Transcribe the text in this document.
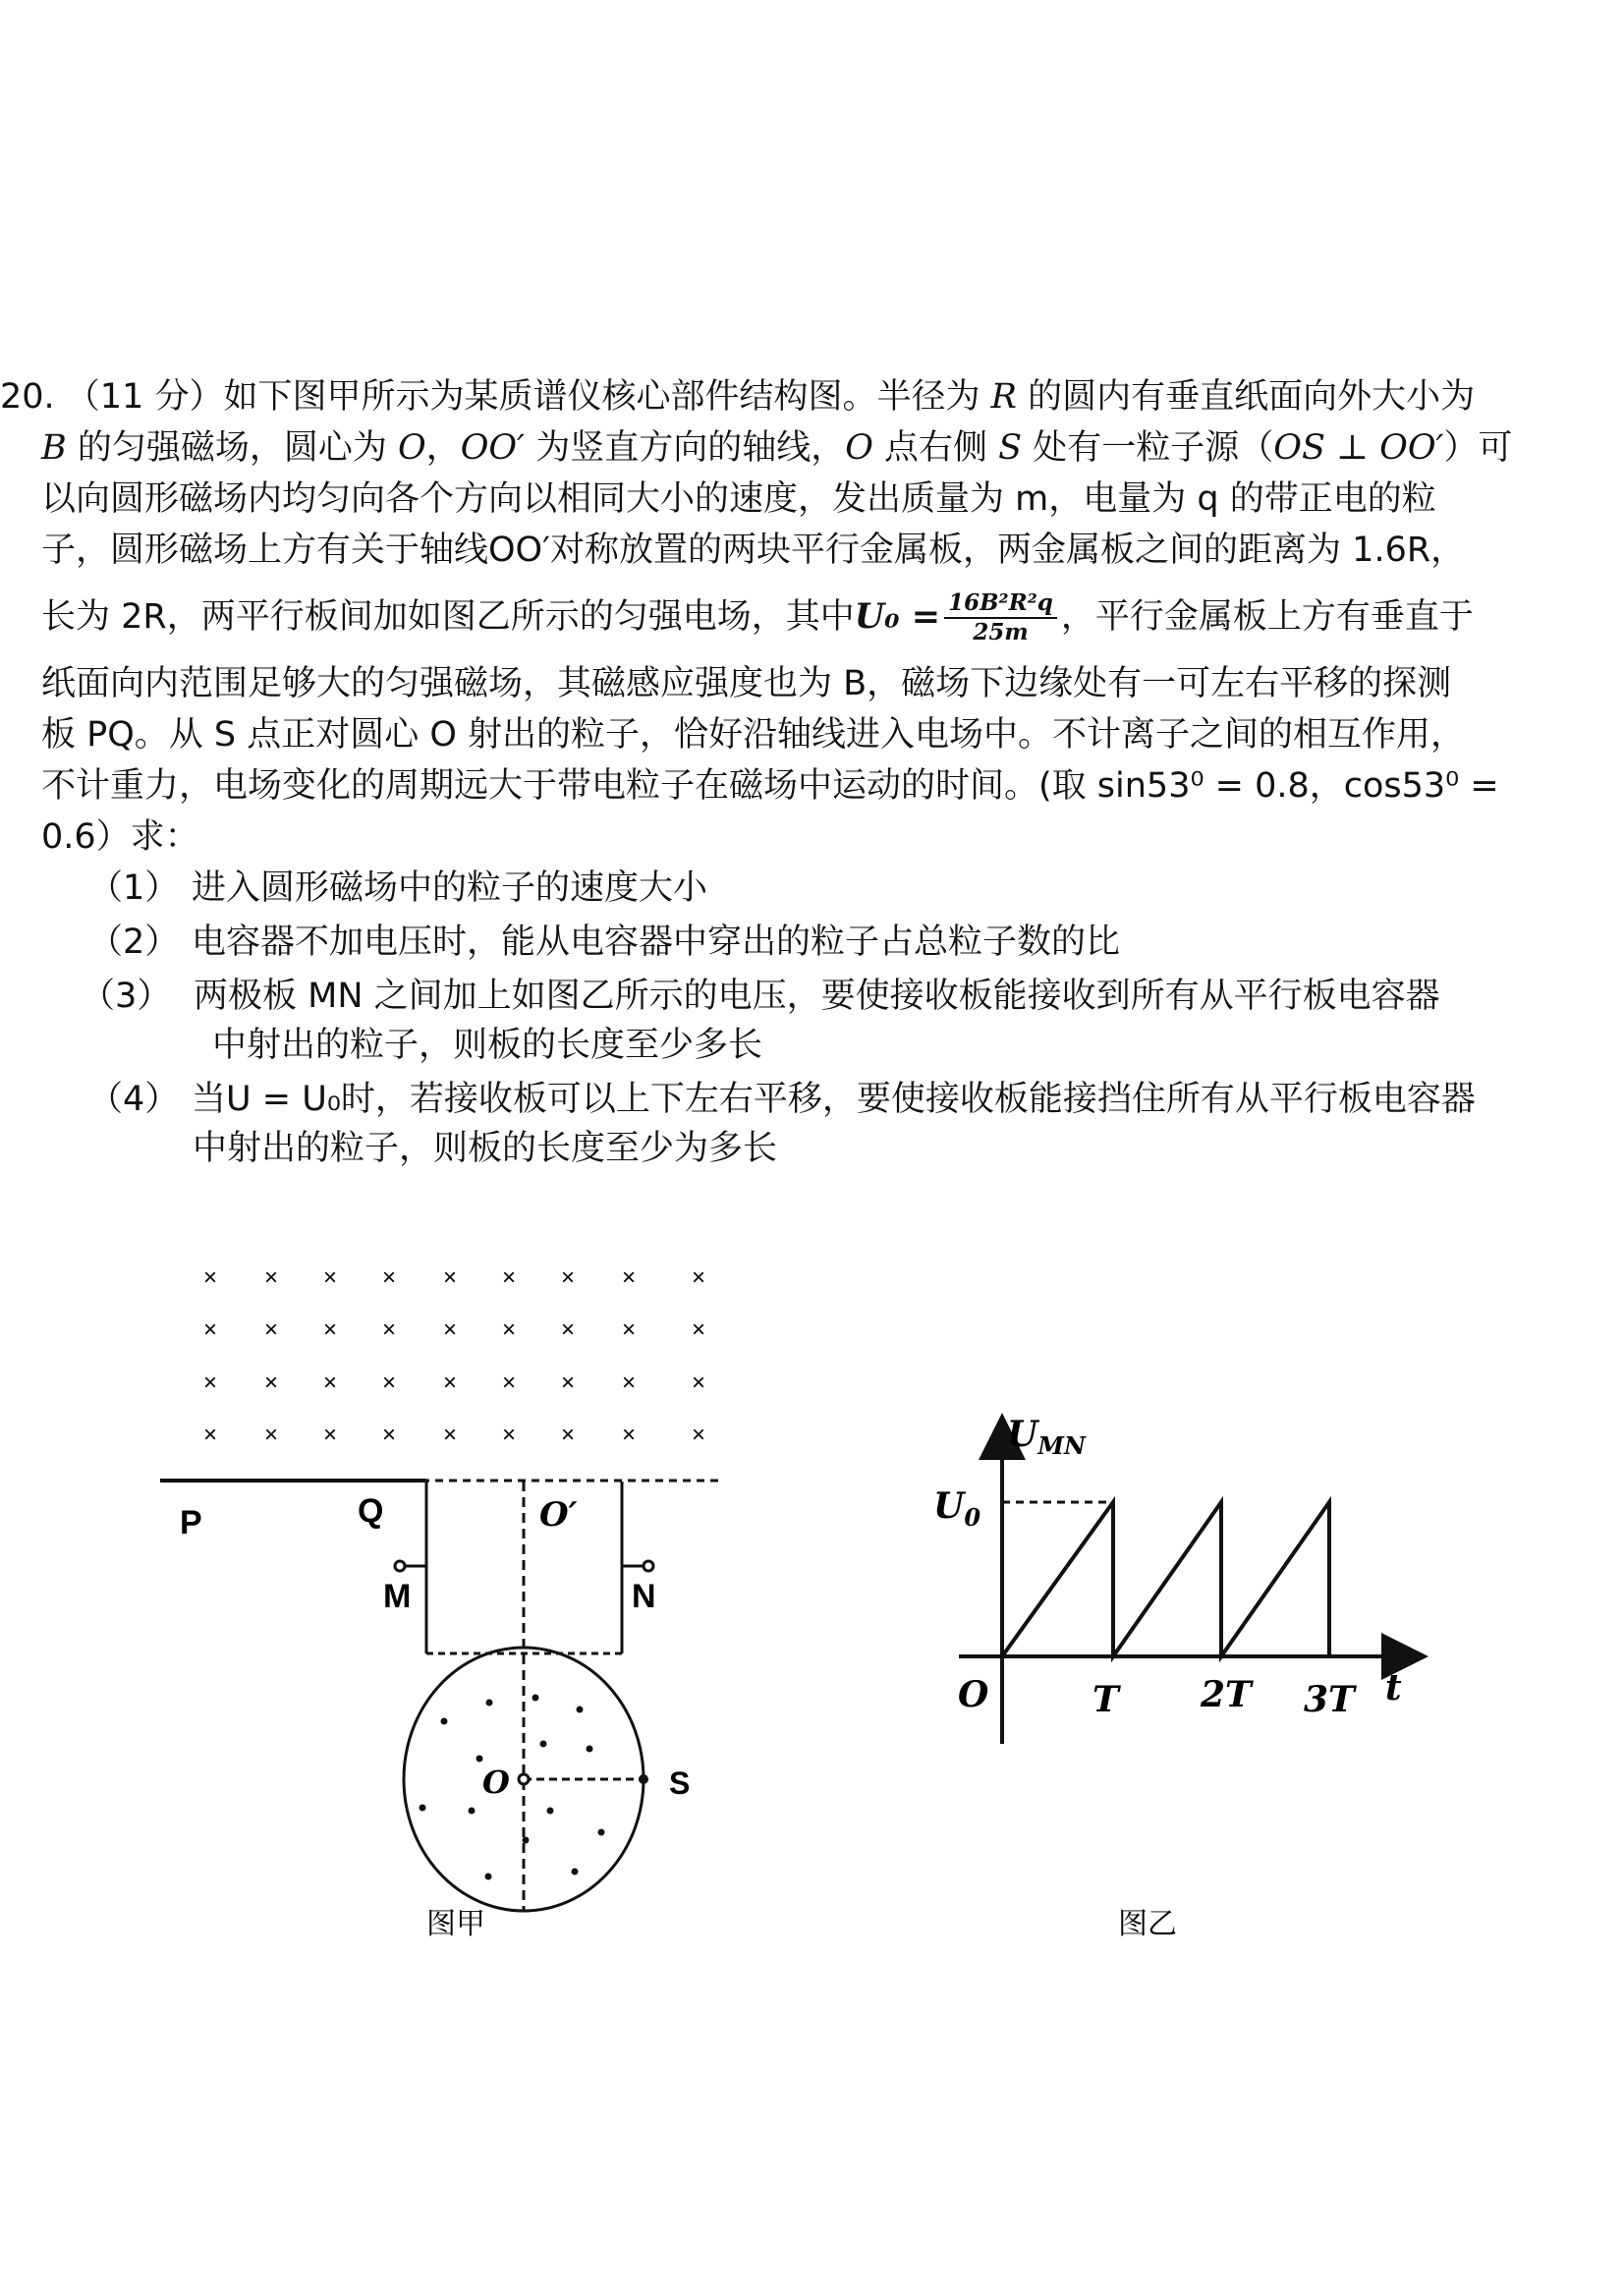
20. （11 分）如下图甲所示为某质谱仪核心部件结构图。半径为 R 的圆内有垂直纸面向外大小为
B 的匀强磁场，圆心为 O，OO′ 为竖直方向的轴线，O 点右侧 S 处有一粒子源（OS ⊥ OO′）可
以向圆形磁场内均匀向各个方向以相同大小的速度，发出质量为 m，电量为 q 的带正电的粒
子，圆形磁场上方有关于轴线OO′对称放置的两块平行金属板，两金属板之间的距离为 1.6R，
长为 2R，两平行板间加如图乙所示的匀强电场，其中$U_0 = \frac{\text{16B²R²q}}{25m}$ ，平行金属板上方有垂直于
纸面向内范围足够大的匀强磁场，其磁感应强度也为 B，磁场下边缘处有一可左右平移的探测
板 PQ。从 S 点正对圆心 O 射出的粒子，恰好沿轴线进入电场中。不计离子之间的相互作用，
不计重力，电场变化的周期远大于带电粒子在磁场中运动的时间。(取 sin53⁰ = 0.8，cos53⁰ =
0.6）求：
（1） 进入圆形磁场中的粒子的速度大小
（2） 电容器不加电压时，能从电容器中穿出的粒子占总粒子数的比
（3） 两极板 MN 之间加上如图乙所示的电压，要使接收板能接收到所有从平行板电容器
中射出的粒子，则板的长度至少多长
（4） 当U = U₀时，若接收板可以上下左右平移，要使接收板能接挡住所有从平行板电容器
中射出的粒子，则板的长度至少为多长
× × × × × × × × ×
× × × × × × × × ×
× × × × × × × × ×
× × × × × × × × ×
P	Q	O′
M	N
O	S
图甲
$U_{MN}$
$U_0$
O	T 2T 3T t
图乙
